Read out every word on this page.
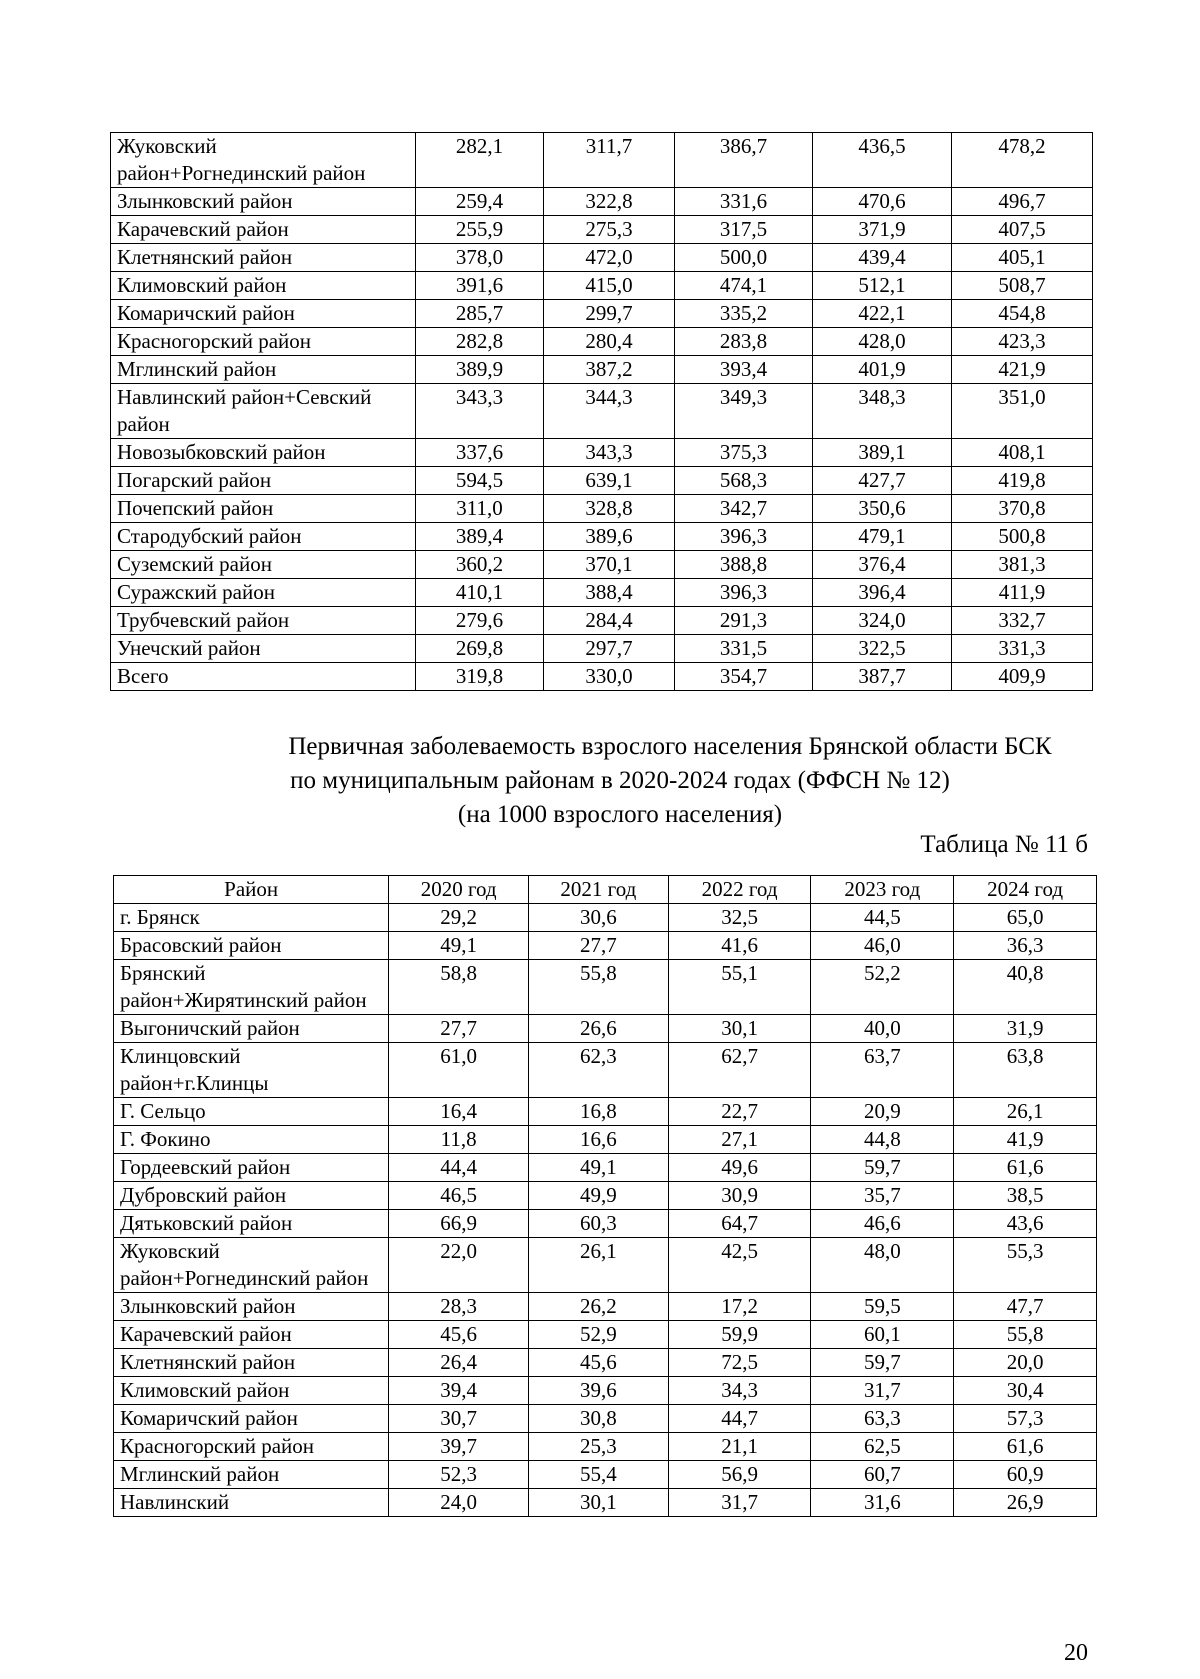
Жуковский район+Рогнединский район	282,1	311,7	386,7	436,5	478,2
Злынковский район	259,4	322,8	331,6	470,6	496,7
Карачевский район	255,9	275,3	317,5	371,9	407,5
Клетнянский район	378,0	472,0	500,0	439,4	405,1
Климовский район	391,6	415,0	474,1	512,1	508,7
Комаричский район	285,7	299,7	335,2	422,1	454,8
Красногорский район	282,8	280,4	283,8	428,0	423,3
Мглинский район	389,9	387,2	393,4	401,9	421,9
Навлинский район+Севский район	343,3	344,3	349,3	348,3	351,0
Новозыбковский район	337,6	343,3	375,3	389,1	408,1
Погарский район	594,5	639,1	568,3	427,7	419,8
Почепский район	311,0	328,8	342,7	350,6	370,8
Стародубский район	389,4	389,6	396,3	479,1	500,8
Суземский район	360,2	370,1	388,8	376,4	381,3
Суражский район	410,1	388,4	396,3	396,4	411,9
Трубчевский район	279,6	284,4	291,3	324,0	332,7
Унечский район	269,8	297,7	331,5	322,5	331,3
Всего	319,8	330,0	354,7	387,7	409,9
Первичная заболеваемость взрослого населения Брянской области БСК
по муниципальным районам в 2020-2024 годах (ФФСН № 12)
(на 1000 взрослого населения)
Таблица № 11 б
Район	2020 год	2021 год	2022 год	2023 год	2024 год
г. Брянск	29,2	30,6	32,5	44,5	65,0
Брасовский район	49,1	27,7	41,6	46,0	36,3
Брянский район+Жирятинский район	58,8	55,8	55,1	52,2	40,8
Выгоничский район	27,7	26,6	30,1	40,0	31,9
Клинцовский район+г.Клинцы	61,0	62,3	62,7	63,7	63,8
Г. Сельцо	16,4	16,8	22,7	20,9	26,1
Г. Фокино	11,8	16,6	27,1	44,8	41,9
Гордеевский район	44,4	49,1	49,6	59,7	61,6
Дубровский район	46,5	49,9	30,9	35,7	38,5
Дятьковский район	66,9	60,3	64,7	46,6	43,6
Жуковский район+Рогнединский район	22,0	26,1	42,5	48,0	55,3
Злынковский район	28,3	26,2	17,2	59,5	47,7
Карачевский район	45,6	52,9	59,9	60,1	55,8
Клетнянский район	26,4	45,6	72,5	59,7	20,0
Климовский район	39,4	39,6	34,3	31,7	30,4
Комаричский район	30,7	30,8	44,7	63,3	57,3
Красногорский район	39,7	25,3	21,1	62,5	61,6
Мглинский район	52,3	55,4	56,9	60,7	60,9
Навлинский	24,0	30,1	31,7	31,6	26,9
20
